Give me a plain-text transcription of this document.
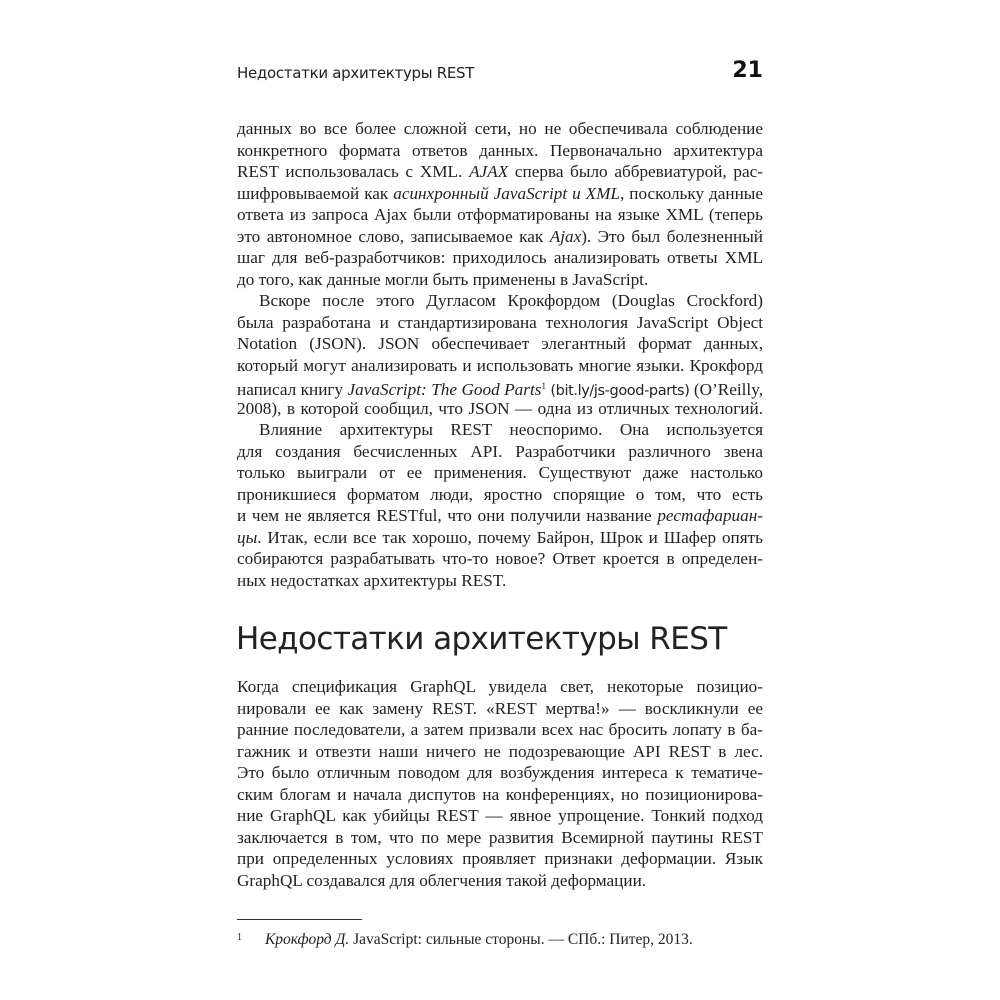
Недостатки архитектуры REST	21
данных во все более сложной сети, но не обеспечивала соблюдение
конкретного формата ответов данных. Первоначально архитектура
REST использовалась с XML. AJAX сперва было аббревиатурой, рас-
шифровываемой как асинхронный JavaScript и XML, поскольку данные
ответа из запроса Ajax были отформатированы на языке XML (теперь
это автономное слово, записываемое как Ajax). Это был болезненный
шаг для веб-разработчиков: приходилось анализировать ответы XML
до того, как данные могли быть применены в JavaScript.
Вскоре после этого Дугласом Крокфордом (Douglas Crockford)
была разработана и стандартизирована технология JavaScript Object
Notation (JSON). JSON обеспечивает элегантный формат данных,
который могут анализировать и использовать многие языки. Крокфорд
написал книгу JavaScript: The Good Parts$^1$ (bit.ly/js-good-parts) (O’Reilly,
2008), в которой сообщил, что JSON — одна из отличных технологий.
Влияние архитектуры REST неоспоримо. Она используется
для создания бесчисленных API. Разработчики различного звена
только выиграли от ее применения. Существуют даже настолько
проникшиеся форматом люди, яростно спорящие о том, что есть
и чем не является RESTful, что они получили название рестафариан-
цы. Итак, если все так хорошо, почему Байрон, Шрок и Шафер опять
собираются разрабатывать что-то новое? Ответ кроется в определен-
ных недостатках архитектуры REST.
Когда спецификация GraphQL увидела свет, некоторые позицио-
нировали ее как замену REST. «REST мертва!» — воскликнули ее
ранние последователи, а затем призвали всех нас бросить лопату в ба-
гажник и отвезти наши ничего не подозревающие API REST в лес.
Это было отличным поводом для возбуждения интереса к тематиче-
ским блогам и начала диспутов на конференциях, но позиционирова-
ние GraphQL как убийцы REST — явное упрощение. Тонкий подход
заключается в том, что по мере развития Всемирной паутины REST
при определенных условиях проявляет признаки деформации. Язык
GraphQL создавался для облегчения такой деформации.
Недостатки архитектуры REST
1 Крокфорд Д. JavaScript: сильные стороны. — СПб.: Питер, 2013.
